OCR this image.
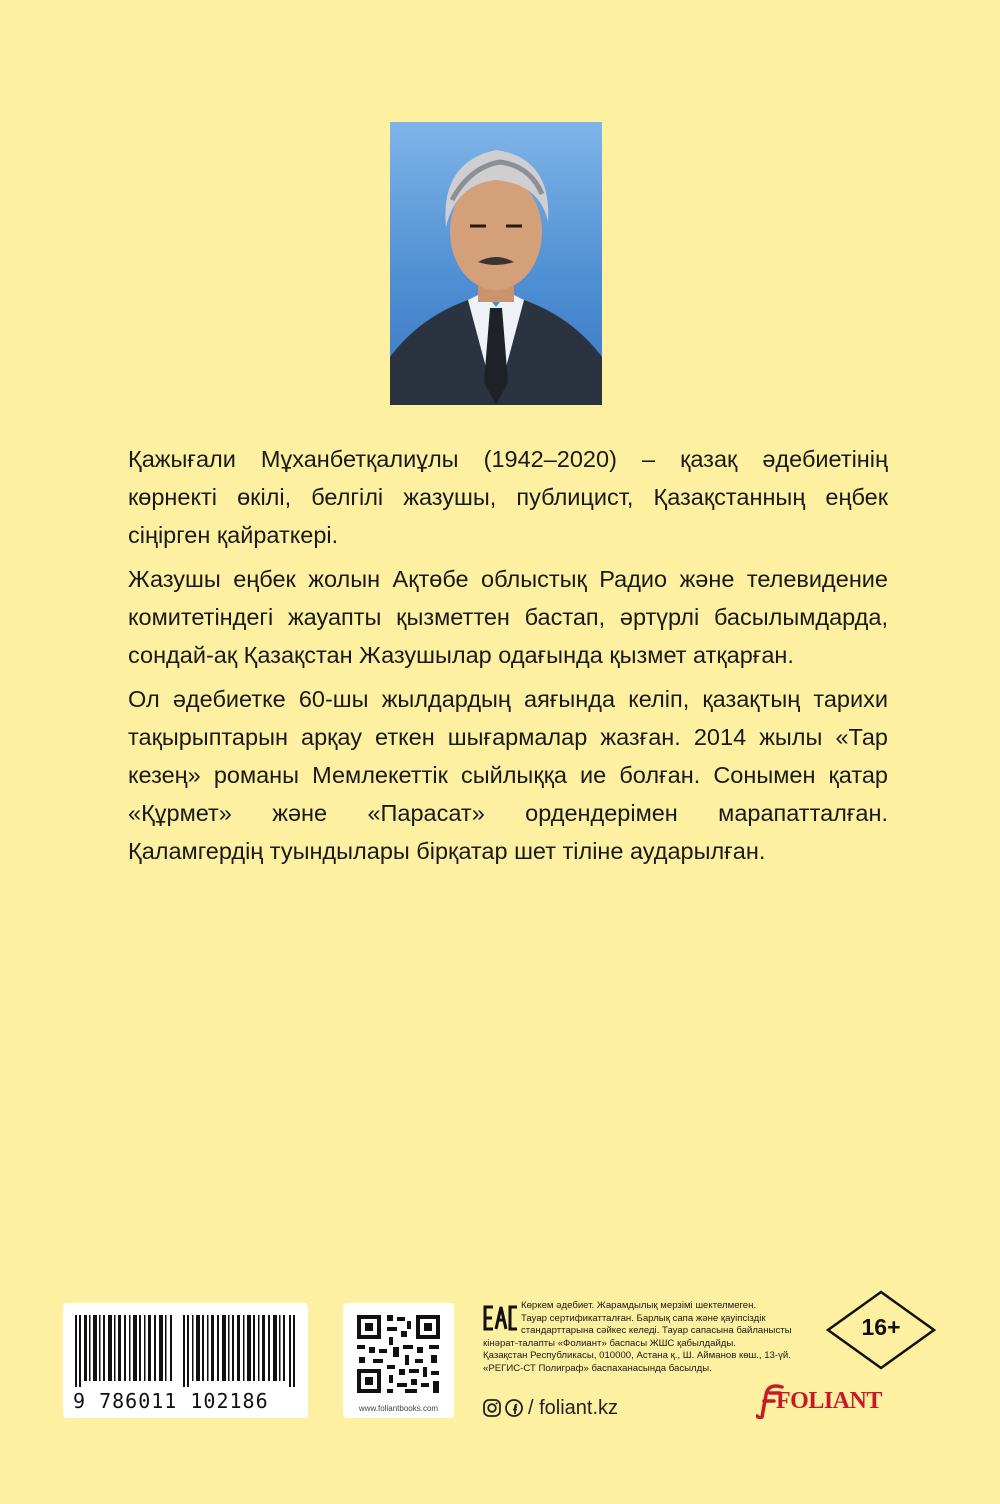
Қажығали Мұханбетқалиұлы (1942–2020) – қазақ әдебиетінің көрнекті өкілі, белгілі жазушы, публицист, Қазақстанның еңбек сіңірген қайраткері.

Жазушы еңбек жолын Ақтөбе облыстық Радио және телевидение комитетіндегі жауапты қызметтен бастап, әртүрлі басылымдарда, сондай-ақ Қазақстан Жазушылар одағында қызмет атқарған.

Ол әдебиетке 60-шы жылдардың аяғында келіп, қазақтың тарихи тақырыптарын арқау еткен шығармалар жазған. 2014 жылы «Тар кезең» романы Мемлекеттік сыйлыққа ие болған. Сонымен қатар «Құрмет» және «Парасат» ордендерімен марапатталған. Қаламгердің туындылары бірқатар шет тіліне аударылған.

9 786011 102186	www.foliantbooks.com
Көркем әдебиет. Жарамдылық мерзімі шектелмеген.
Тауар сертификатталған. Барлық сапа және қауіпсіздік
стандарттарына сәйкес келеді. Тауар сапасына байланысты
кінәрат-талапты «Фолиант» баспасы ЖШС қабылдайды.
Қазақстан Республикасы, 010000, Астана қ., Ш. Айманов көш., 13-үй.
«РЕГИС-СТ Полиграф» баспаханасында басылды.
16+
/ foliant.kz	FOLIANT
